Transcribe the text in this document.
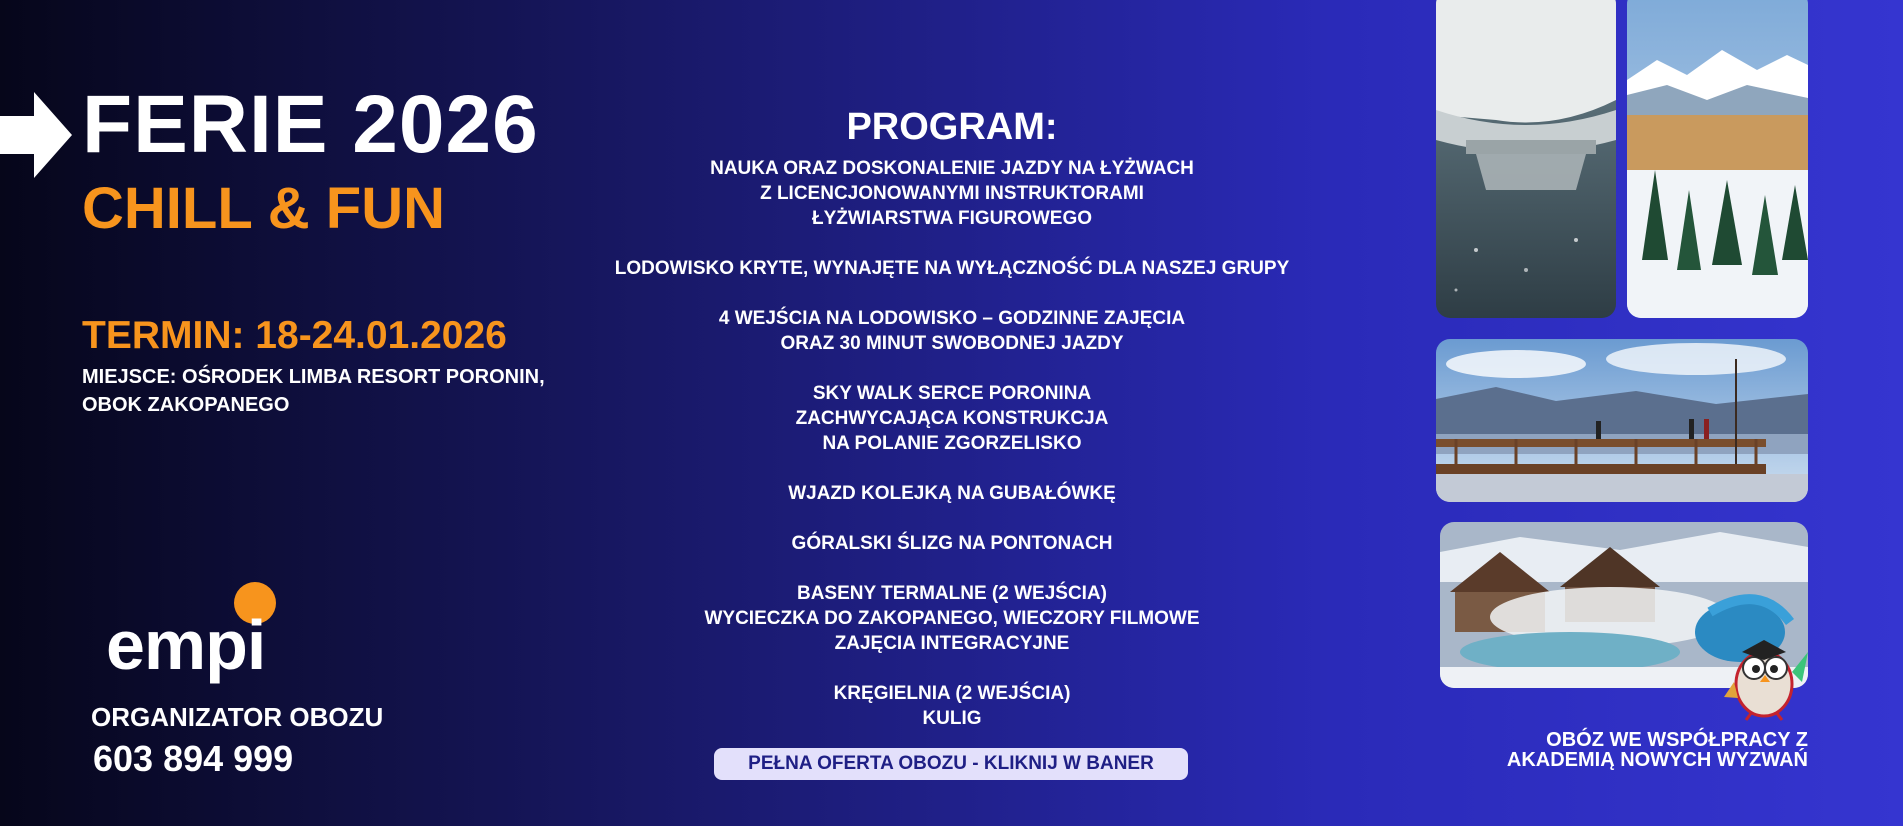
FERIE 2026
CHILL & FUN
TERMIN: 18-24.01.2026
MIEJSCE: OŚRODEK LIMBA RESORT PORONIN,
OBOK ZAKOPANEGO
empi
ORGANIZATOR OBOZU
603 894 999
PROGRAM:
NAUKA ORAZ DOSKONALENIE JAZDY NA ŁYŻWACH
Z LICENCJONOWANYMI INSTRUKTORAMI
ŁYŻWIARSTWA FIGUROWEGO
LODOWISKO KRYTE, WYNAJĘTE NA WYŁĄCZNOŚĆ DLA NASZEJ GRUPY
4 WEJŚCIA NA LODOWISKO – GODZINNE ZAJĘCIA
ORAZ 30 MINUT SWOBODNEJ JAZDY
SKY WALK SERCE PORONINA
ZACHWYCAJĄCA KONSTRUKCJA
NA POLANIE ZGORZELISKO
WJAZD KOLEJKĄ NA GUBAŁÓWKĘ
GÓRALSKI ŚLIZG NA PONTONACH
BASENY TERMALNE (2 WEJŚCIA)
WYCIECZKA DO ZAKOPANEGO, WIECZORY FILMOWE
ZAJĘCIA INTEGRACYJNE
KRĘGIELNIA (2 WEJŚCIA)
KULIG
PEŁNA OFERTA OBOZU - KLIKNIJ W BANER
OBÓZ WE WSPÓŁPRACY Z
AKADEMIĄ NOWYCH WYZWAŃ
